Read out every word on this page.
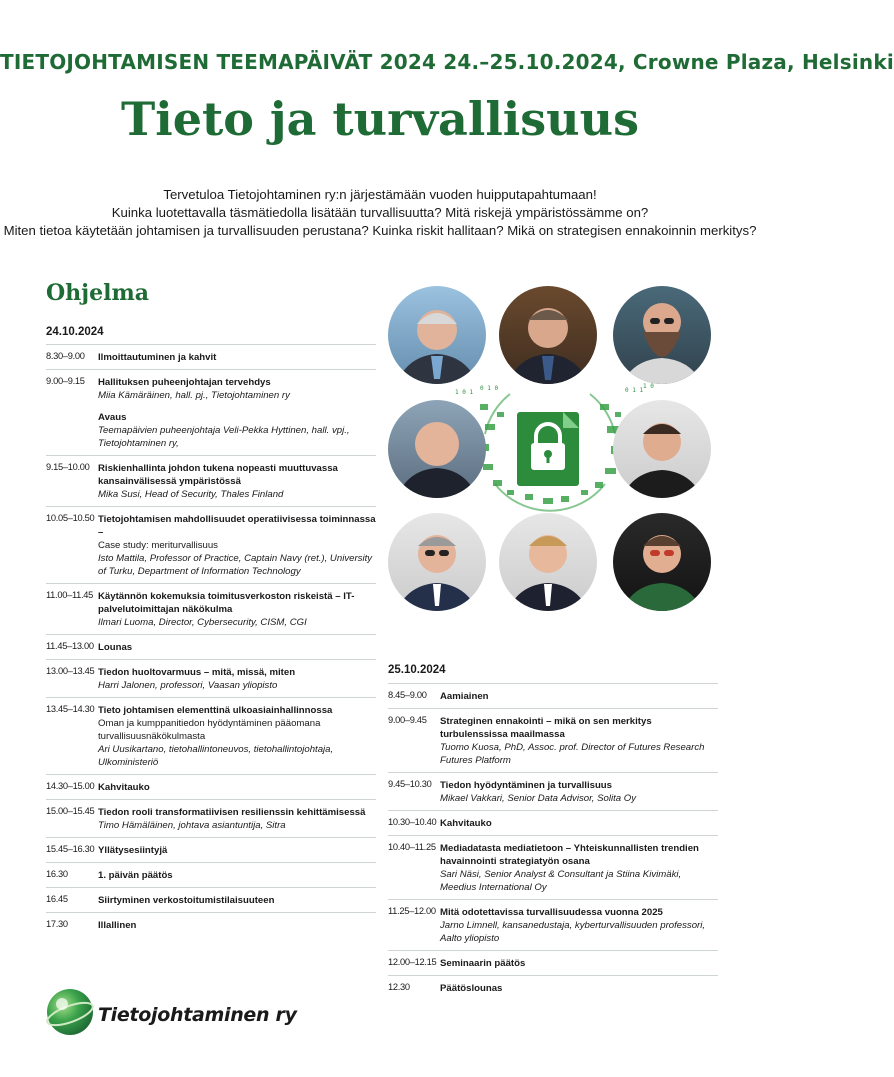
TIETOJOHTAMISEN TEEMAPÄIVÄT 2024 24.–25.10.2024, Crowne Plaza, Helsinki
Tieto ja turvallisuus
Tervetuloa Tietojohtaminen ry:n järjestämään vuoden huipputapahtumaan!
Kuinka luotettavalla täsmätiedolla lisätään turvallisuutta? Mitä riskejä ympäristössämme on?
Miten tietoa käytetään johtamisen ja turvallisuuden perustana? Kuinka riskit hallitaan? Mikä on strategisen ennakoinnin merkitys?
Ohjelma
24.10.2024
8.30–9.00	Ilmoittautuminen ja kahvit
9.00–9.15	Hallituksen puheenjohtajan tervehdys
Miia Kämäräinen, hall. pj., Tietojohtaminen ry
Avaus
Teemapäivien puheenjohtaja Veli-Pekka Hyttinen, hall. vpj., Tietojohtaminen ry,
9.15–10.00 Riskienhallinta johdon tukena nopeasti muuttuvassa kansainvälisessä ympäristössä
Mika Susi, Head of Security, Thales Finland
10.05–10.50 Tietojohtamisen mahdollisuudet operatiivisessa toiminnassa –
Case study: meriturvallisuus
Isto Mattila, Professor of Practice, Captain Navy (ret.), University of Turku, Department of Information Technology
11.00–11.45 Käytännön kokemuksia toimitusverkoston riskeistä – IT-palvelutoimittajan näkökulma
Ilmari Luoma, Director, Cybersecurity, CISM, CGI
11.45–13.00 Lounas
13.00–13.45 Tiedon huoltovarmuus – mitä, missä, miten
Harri Jalonen, professori, Vaasan yliopisto
13.45–14.30 Tieto johtamisen elementtinä ulkoasiainhallinnossa
Oman ja kumppanitiedon hyödyntäminen pääomana turvallisuusnäkökulmasta
Ari Uusikartano, tietohallintoneuvos, tietohallintojohtaja, Ulkoministeriö
14.30–15.00 Kahvitauko
15.00–15.45 Tiedon rooli transformatiivisen resilienssin kehittämisessä
Timo Hämäläinen, johtava asiantuntija, Sitra
15.45–16.30 Yllätysesiintyjä
16.30	1. päivän päätös
16.45	Siirtyminen verkostoitumistilaisuuteen
17.30	Illallinen
25.10.2024
8.45–9.00	Aamiainen
9.00–9.45	Strateginen ennakointi – mikä on sen merkitys turbulenssissa maailmassa
Tuomo Kuosa, PhD, Assoc. prof. Director of Futures Research Futures Platform
9.45–10.30 Tiedon hyödyntäminen ja turvallisuus
Mikael Vakkari, Senior Data Advisor, Solita Oy
10.30–10.40 Kahvitauko
10.40–11.25 Mediadatasta mediatietoon – Yhteiskunnallisten trendien havainnointi strategiatyön osana
Sari Näsi, Senior Analyst & Consultant ja Stiina Kivimäki, Meedius International Oy
11.25–12.00 Mitä odotettavissa turvallisuudessa vuonna 2025
Jarno Limnell, kansanedustaja, kyberturvallisuuden professori, Aalto yliopisto
12.00–12.15 Seminaarin päätös
12.30	Päätöslounas
1 0 1
0 1 0	0 1 1
1 0
Tietojohtaminen ry
